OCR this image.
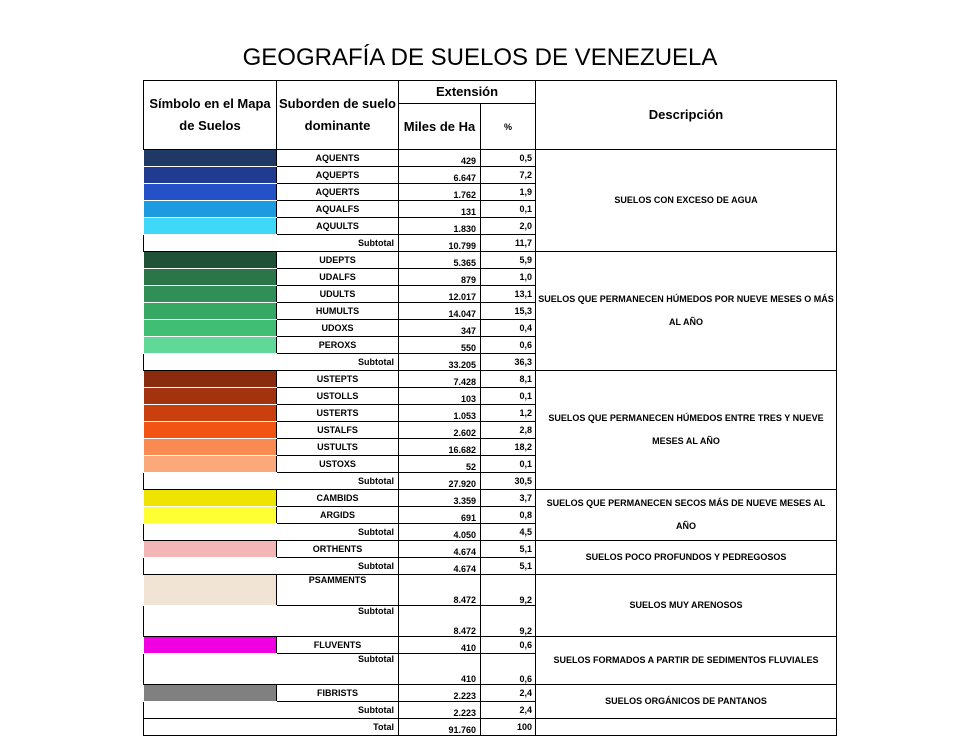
GEOGRAFÍA DE SUELOS DE VENEZUELA
Símbolo en el Mapa de Suelos	Suborden de suelo dominante	Extensión		Descripción
		Miles de Ha	%	

	AQUENTS	429	0,5	SUELOS CON EXCESO DE AGUA
	AQUEPTS	6.647	7,2	
	AQUERTS	1.762	1,9	
	AQUALFS	131	0,1	
	AQUULTS	1.830	2,0	
Subtotal		10.799	11,7	
	UDEPTS	5.365	5,9	SUELOS QUE PERMANECEN HÚMEDOS POR NUEVE MESES O MÁS AL AÑO
	UDALFS	879	1,0	
	UDULTS	12.017	13,1	
	HUMULTS	14.047	15,3	
	UDOXS	347	0,4	
	PEROXS	550	0,6	
Subtotal		33.205	36,3	
	USTEPTS	7.428	8,1	SUELOS QUE PERMANECEN HÚMEDOS ENTRE TRES Y NUEVE MESES AL AÑO
	USTOLLS	103	0,1	
	USTERTS	1.053	1,2	
	USTALFS	2.602	2,8	
	USTULTS	16.682	18,2	
	USTOXS	52	0,1	
Subtotal		27.920	30,5	
	CAMBIDS	3.359	3,7	SUELOS QUE PERMANECEN SECOS MÁS DE NUEVE MESES AL AÑO
	ARGIDS	691	0,8	
Subtotal		4.050	4,5	
	ORTHENTS	4.674	5,1	SUELOS POCO PROFUNDOS Y PEDREGOSOS
Subtotal		4.674	5,1	
	PSAMMENTS	8.472	9,2	SUELOS MUY ARENOSOS
Subtotal		8.472	9,2	
	FLUVENTS	410	0,6	SUELOS FORMADOS A PARTIR DE SEDIMENTOS FLUVIALES
Subtotal		410	0,6	
	FIBRISTS	2.223	2,4	SUELOS ORGÁNICOS DE PANTANOS
Subtotal		2.223	2,4	
Total		91.760	100	
